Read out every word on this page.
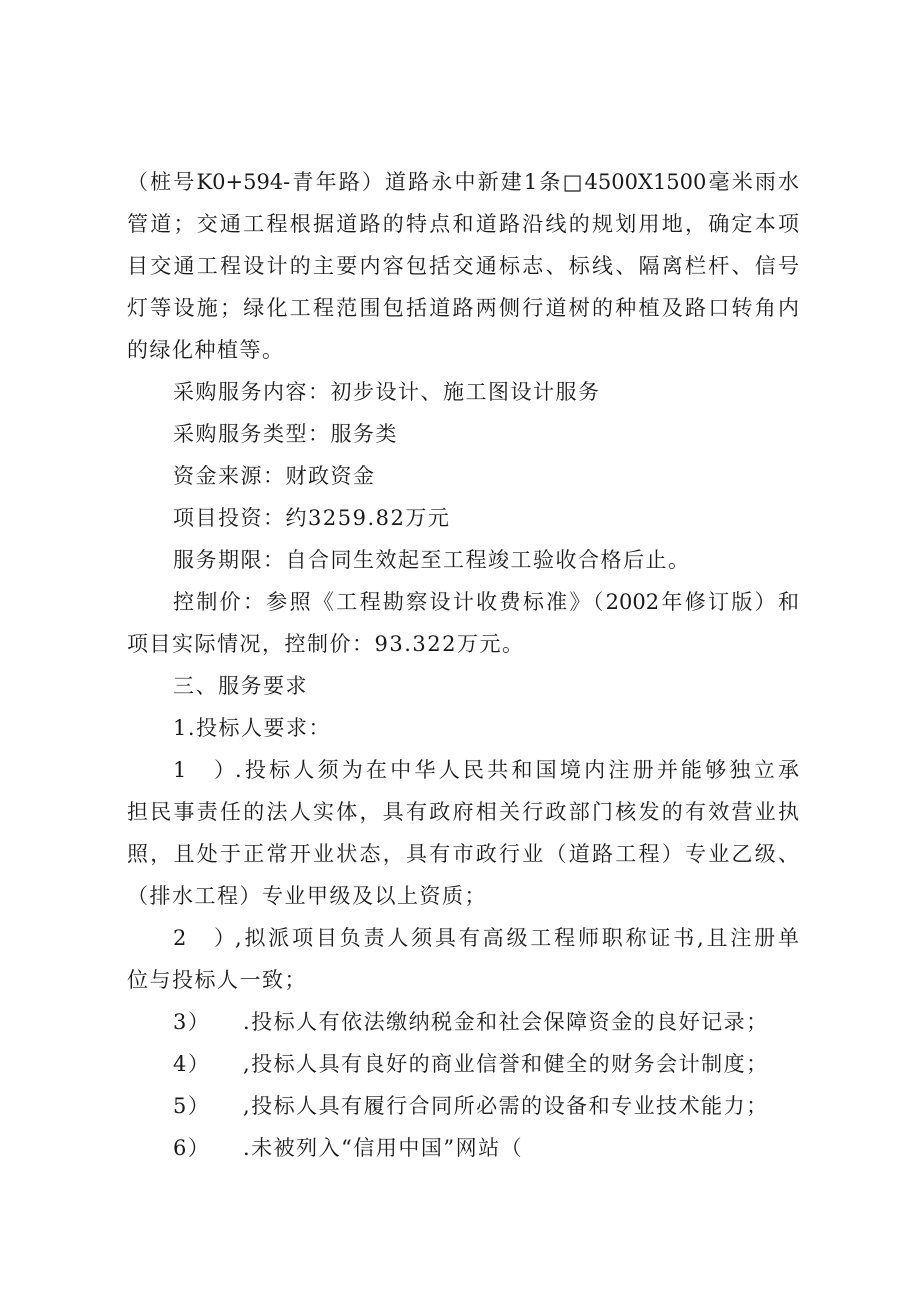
（桩号K0+594-青年路）道路永中新建1条□4500X1500毫米雨水
管道；交通工程根据道路的特点和道路沿线的规划用地，确定本项
目交通工程设计的主要内容包括交通标志、标线、隔离栏杆、信号
灯等设施；绿化工程范围包括道路两侧行道树的种植及路口转角内
的绿化种植等。
采购服务内容：初步设计、施工图设计服务
采购服务类型：服务类
资金来源：财政资金
项目投资：约3259.82万元
服务期限：自合同生效起至工程竣工验收合格后止。
控制价：参照《工程勘察设计收费标准》（2002年修订版）和
项目实际情况，控制价：93.322万元。
三、服务要求
1.投标人要求：
1）.投标人须为在中华人民共和国境内注册并能够独立承
担民事责任的法人实体，具有政府相关行政部门核发的有效营业执
照，且处于正常开业状态，具有市政行业（道路工程）专业乙级、
（排水工程）专业甲级及以上资质；
2）,拟派项目负责人须具有高级工程师职称证书,且注册单
位与投标人一致；
3） .投标人有依法缴纳税金和社会保障资金的良好记录；
4） ,投标人具有良好的商业信誉和健全的财务会计制度；
5） ,投标人具有履行合同所必需的设备和专业技术能力；
6） .未被列入“信用中国”网站（
